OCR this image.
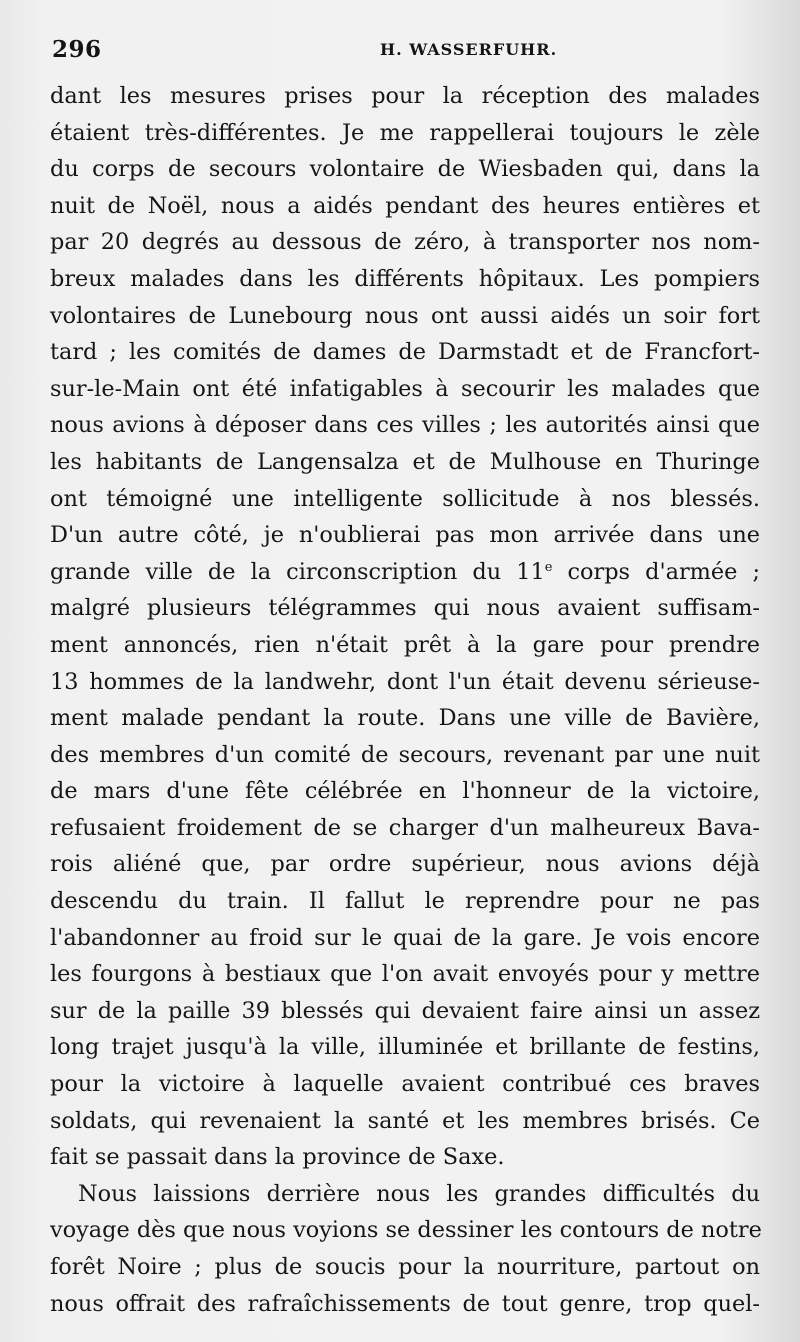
296	H. WASSERFUHR.
dant les mesures prises pour la réception des malades
étaient très-différentes. Je me rappellerai toujours le zèle
du corps de secours volontaire de Wiesbaden qui, dans la
nuit de Noël, nous a aidés pendant des heures entières et
par 20 degrés au dessous de zéro, à transporter nos nom-
breux malades dans les différents hôpitaux. Les pompiers
volontaires de Lunebourg nous ont aussi aidés un soir fort
tard ; les comités de dames de Darmstadt et de Francfort-
sur-le-Main ont été infatigables à secourir les malades que
nous avions à déposer dans ces villes ; les autorités ainsi que
les habitants de Langensalza et de Mulhouse en Thuringe
ont témoigné une intelligente sollicitude à nos blessés.
D'un autre côté, je n'oublierai pas mon arrivée dans une
grande ville de la circonscription du 11e corps d'armée ;
malgré plusieurs télégrammes qui nous avaient suffisam-
ment annoncés, rien n'était prêt à la gare pour prendre
13 hommes de la landwehr, dont l'un était devenu sérieuse-
ment malade pendant la route. Dans une ville de Bavière,
des membres d'un comité de secours, revenant par une nuit
de mars d'une fête célébrée en l'honneur de la victoire,
refusaient froidement de se charger d'un malheureux Bava-
rois aliéné que, par ordre supérieur, nous avions déjà
descendu du train. Il fallut le reprendre pour ne pas
l'abandonner au froid sur le quai de la gare. Je vois encore
les fourgons à bestiaux que l'on avait envoyés pour y mettre
sur de la paille 39 blessés qui devaient faire ainsi un assez
long trajet jusqu'à la ville, illuminée et brillante de festins,
pour la victoire à laquelle avaient contribué ces braves
soldats, qui revenaient la santé et les membres brisés. Ce
fait se passait dans la province de Saxe.
Nous laissions derrière nous les grandes difficultés du
voyage dès que nous voyions se dessiner les contours de notre
forêt Noire ; plus de soucis pour la nourriture, partout on
nous offrait des rafraîchissements de tout genre, trop quel-
